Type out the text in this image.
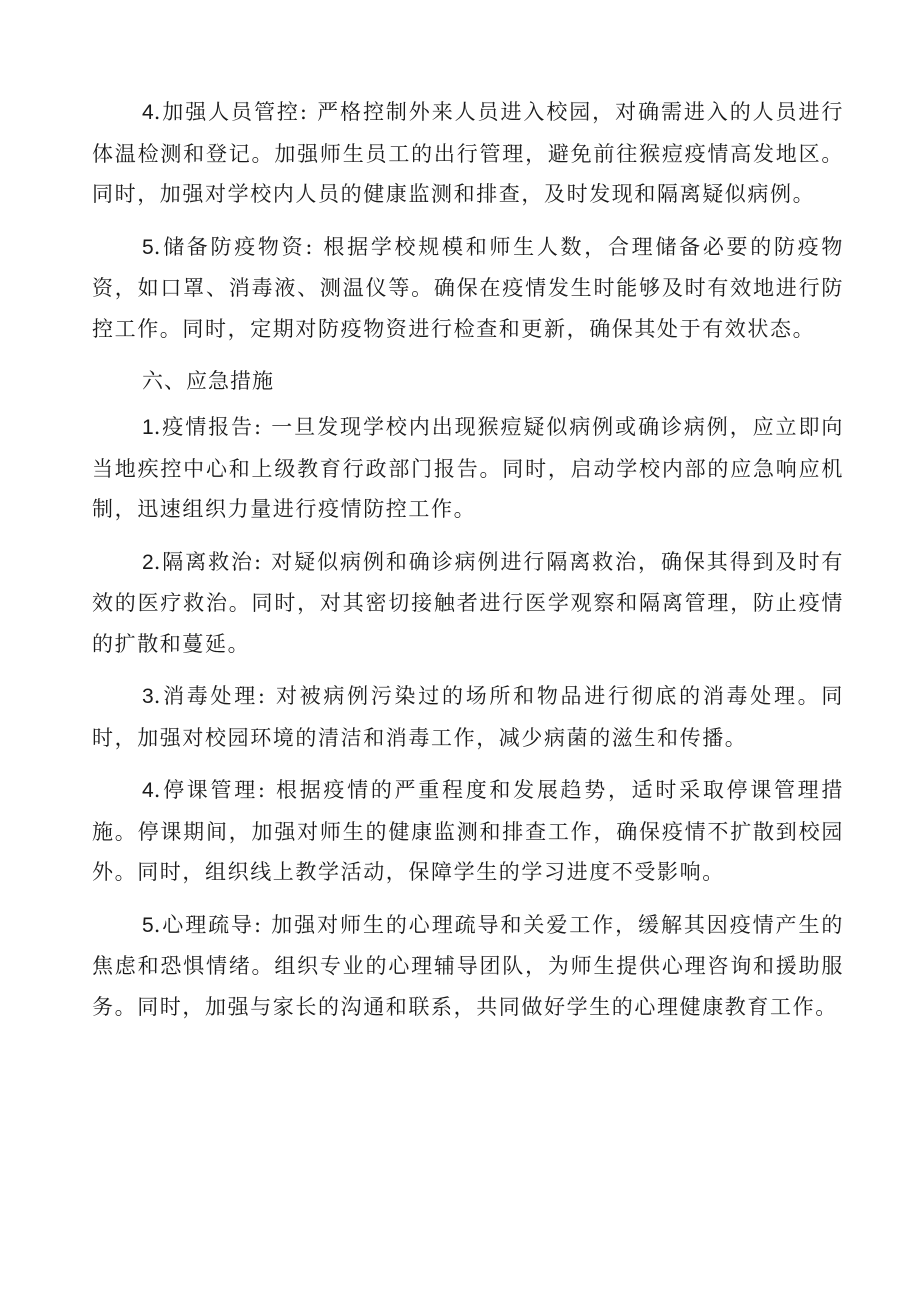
4.加强人员管控: 严格控制外来人员进入校园，对确需进入的人员进行体温检测和登记。加强师生员工的出行管理，避免前往猴痘疫情高发地区。同时，加强对学校内人员的健康监测和排查，及时发现和隔离疑似病例。

5.储备防疫物资: 根据学校规模和师生人数，合理储备必要的防疫物资，如口罩、消毒液、测温仪等。确保在疫情发生时能够及时有效地进行防控工作。同时，定期对防疫物资进行检查和更新，确保其处于有效状态。

六、应急措施

1.疫情报告: 一旦发现学校内出现猴痘疑似病例或确诊病例，应立即向当地疾控中心和上级教育行政部门报告。同时，启动学校内部的应急响应机制，迅速组织力量进行疫情防控工作。

2.隔离救治: 对疑似病例和确诊病例进行隔离救治，确保其得到及时有效的医疗救治。同时，对其密切接触者进行医学观察和隔离管理，防止疫情的扩散和蔓延。

3.消毒处理: 对被病例污染过的场所和物品进行彻底的消毒处理。同时，加强对校园环境的清洁和消毒工作，减少病菌的滋生和传播。

4.停课管理: 根据疫情的严重程度和发展趋势，适时采取停课管理措施。停课期间，加强对师生的健康监测和排查工作，确保疫情不扩散到校园外。同时，组织线上教学活动，保障学生的学习进度不受影响。

5.心理疏导: 加强对师生的心理疏导和关爱工作，缓解其因疫情产生的焦虑和恐惧情绪。组织专业的心理辅导团队，为师生提供心理咨询和援助服务。同时，加强与家长的沟通和联系，共同做好学生的心理健康教育工作。
